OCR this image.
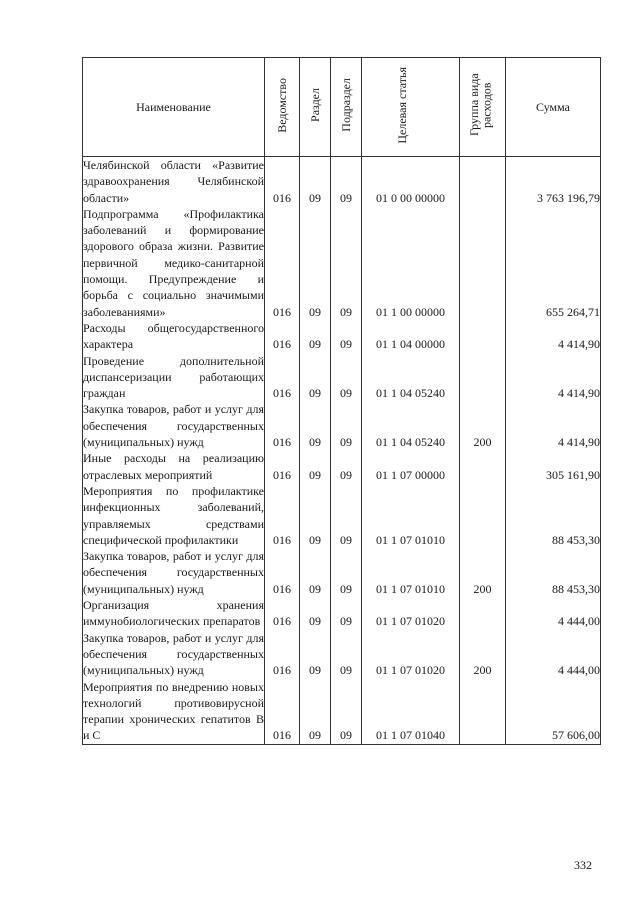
Наименование	Ведомство	Раздел	Подраздел	Целевая статья	Группа вида расходов	Сумма
Челябинской области «Развитие здравоохранения Челябинской области»	016	09	09	01 0 00 00000		3 763 196,79
Подпрограмма «Профилактика заболеваний и формирование здорового образа жизни. Развитие первичной медико-санитарной помощи. Предупреждение и борьба с социально значимыми заболеваниями»	016	09	09	01 1 00 00000		655 264,71
Расходы общегосударственного характера	016	09	09	01 1 04 00000		4 414,90
Проведение дополнительной диспансеризации работающих граждан	016	09	09	01 1 04 05240		4 414,90
Закупка товаров, работ и услуг для обеспечения государственных (муниципальных) нужд	016	09	09	01 1 04 05240	200	4 414,90
Иные расходы на реализацию отраслевых мероприятий	016	09	09	01 1 07 00000		305 161,90
Мероприятия по профилактике инфекционных заболеваний, управляемых средствами специфической профилактики	016	09	09	01 1 07 01010		88 453,30
Закупка товаров, работ и услуг для обеспечения государственных (муниципальных) нужд	016	09	09	01 1 07 01010	200	88 453,30
Организация хранения иммунобиологических препаратов	016	09	09	01 1 07 01020		4 444,00
Закупка товаров, работ и услуг для обеспечения государственных (муниципальных) нужд	016	09	09	01 1 07 01020	200	4 444,00
Мероприятия по внедрению новых технологий противовирусной терапии хронических гепатитов В и С	016	09	09	01 1 07 01040		57 606,00
332
